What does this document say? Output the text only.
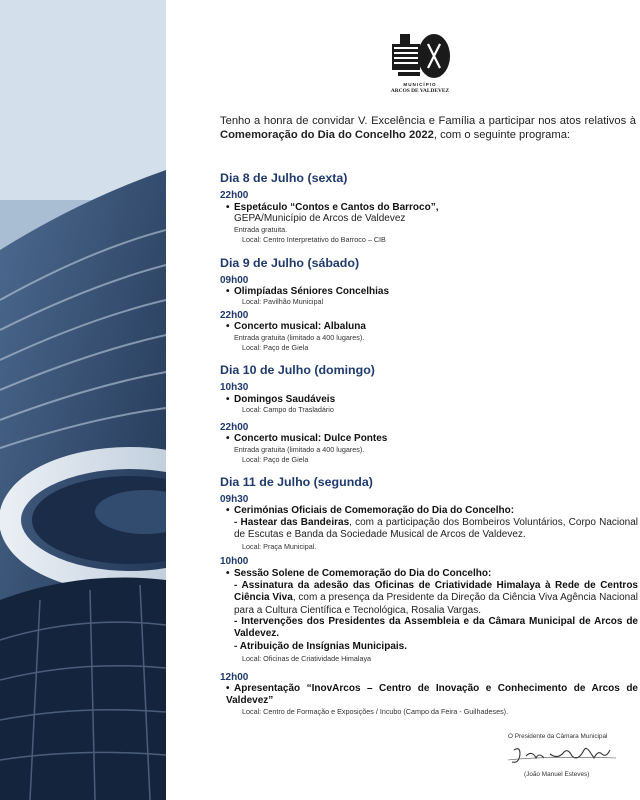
MUNICÍPIO
ARCOS DE VALDEVEZ

Tenho a honra de convidar V. Excelência e Família a participar nos atos relativos à Comemoração do Dia do Concelho 2022, com o seguinte programa:

Dia 8 de Julho (sexta)
22h00
• Espetáculo “Contos e Cantos do Barroco”,
GEPA/Município de Arcos de Valdevez
Entrada gratuita.
Local: Centro Interpretativo do Barroco – CIB
Dia 9 de Julho (sábado)
09h00
• Olimpíadas Séniores Concelhias
Local: Pavilhão Municipal
22h00
• Concerto musical: Albaluna
Entrada gratuita (limitado a 400 lugares).
Local: Paço de Giela
Dia 10 de Julho (domingo)
10h30
• Domingos Saudáveis
Local: Campo do Trasladário
22h00
• Concerto musical: Dulce Pontes
Entrada gratuita (limitado a 400 lugares).
Local: Paço de Giela
Dia 11 de Julho (segunda)
09h30
• Cerimónias Oficiais de Comemoração do Dia do Concelho:
- Hastear das Bandeiras, com a participação dos Bombeiros Voluntários, Corpo Nacional de Escutas e Banda da Sociedade Musical de Arcos de Valdevez.
Local: Praça Municipal.
10h00
• Sessão Solene de Comemoração do Dia do Concelho:
- Assinatura da adesão das Oficinas de Criatividade Himalaya à Rede de Centros Ciência Viva, com a presença da Presidente da Direção da Ciência Viva Agência Nacional para a Cultura Científica e Tecnológica, Rosalia Vargas.
- Intervenções dos Presidentes da Assembleia e da Câmara Municipal de Arcos de Valdevez.
- Atribuição de Insígnias Municipais.
Local: Oficinas de Criatividade Himalaya
12h00
• Apresentação “InovArcos – Centro de Inovação e Conhecimento de Arcos de Valdevez”
Local: Centro de Formação e Exposições / Incubo (Campo da Feira - Guilhadeses).
O Presidente da Câmara Municipal
(João Manuel Esteves)
